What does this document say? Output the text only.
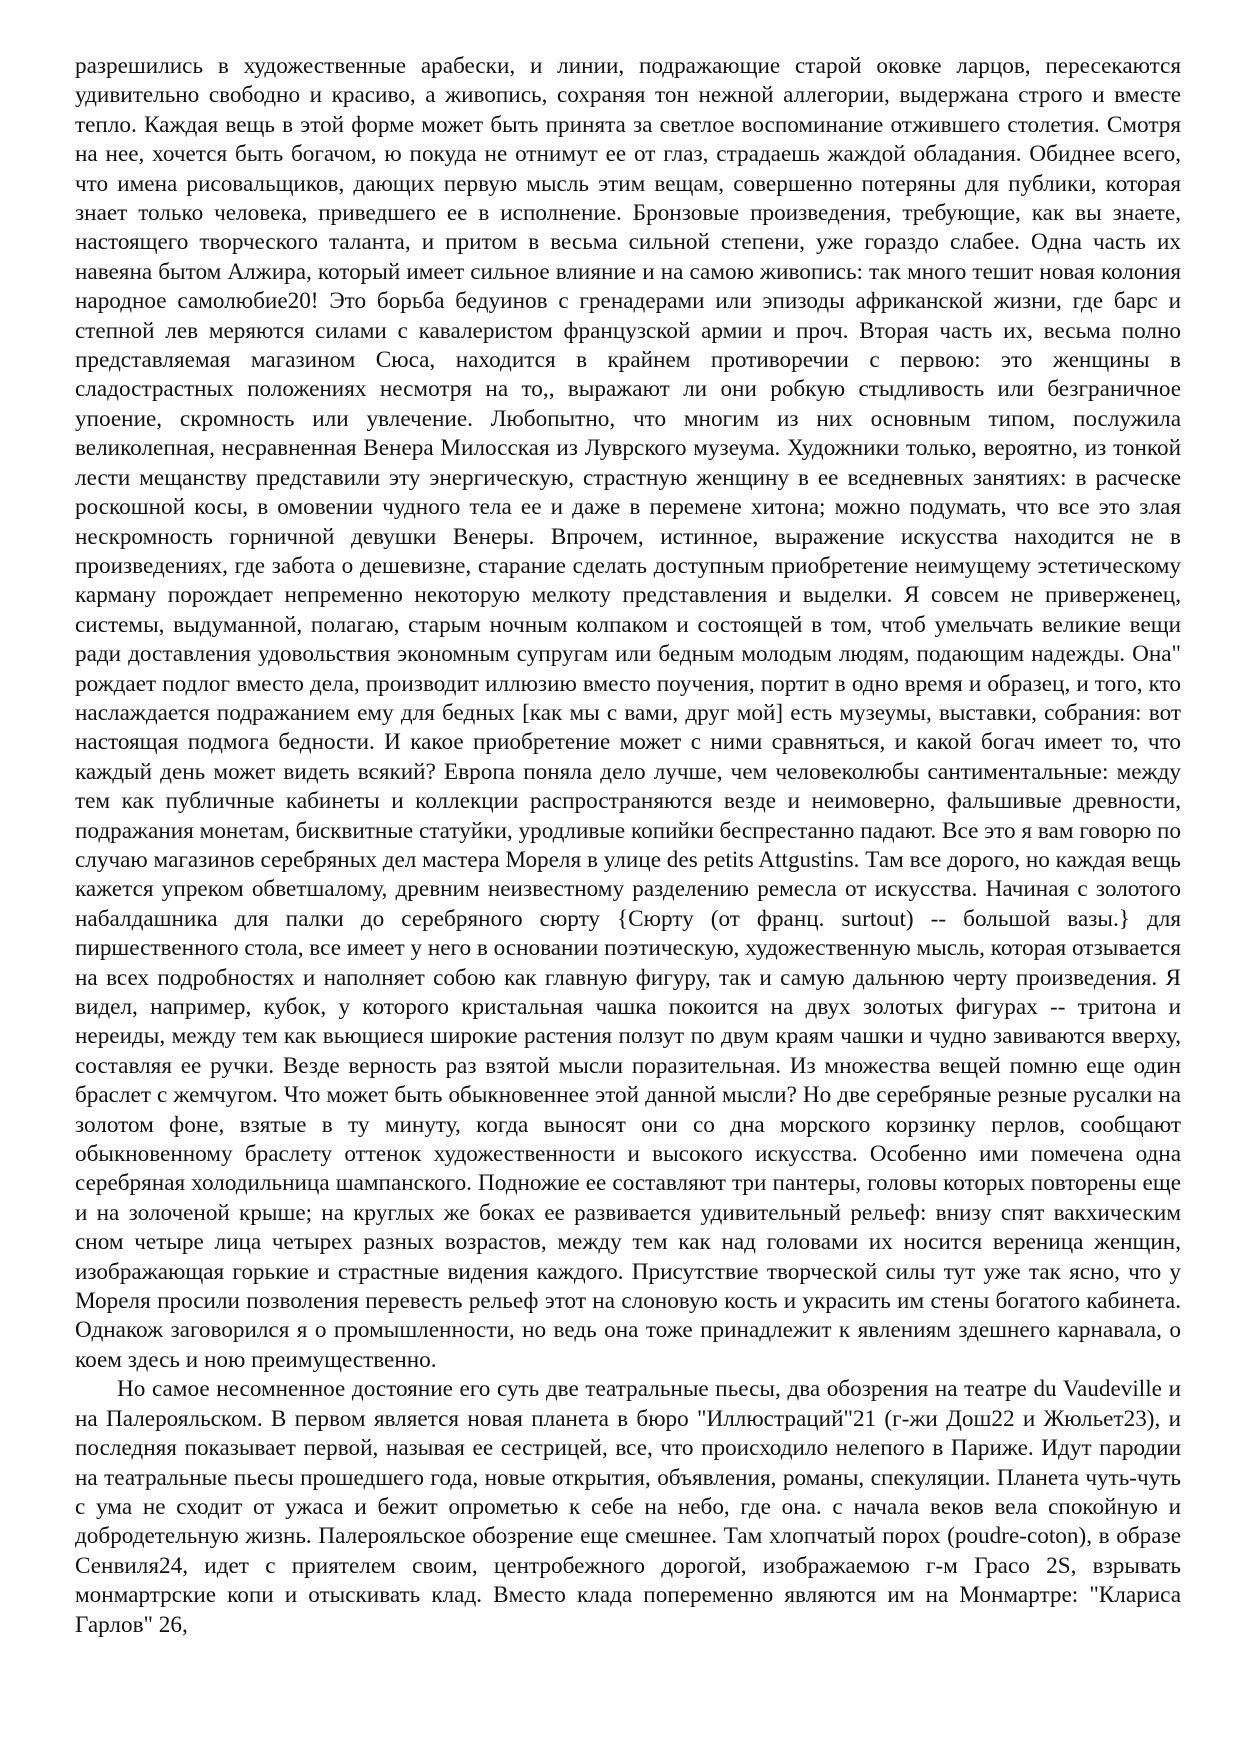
разрешились в художественные арабески, и линии, подражающие старой оковке ларцов, пересекаются удивительно свободно и красиво, а живопись, сохраняя тон нежной аллегории, выдержана строго и вместе тепло. Каждая вещь в этой форме может быть принята за светлое воспоминание отжившего столетия. Смотря на нее, хочется быть богачом, ю покуда не отнимут ее от глаз, страдаешь жаждой обладания. Обиднее всего, что имена рисовальщиков, дающих первую мысль этим вещам, совершенно потеряны для публики, которая знает только человека, приведшего ее в исполнение. Бронзовые произведения, требующие, как вы знаете, настоящего творческого таланта, и притом в весьма сильной степени, уже гораздо слабее. Одна часть их навеяна бытом Алжира, который имеет сильное влияние и на самою живопись: так много тешит новая колония народное самолюбие20! Это борьба бедуинов с гренадерами или эпизоды африканской жизни, где барс и степной лев меряются силами с кавалеристом французской армии и проч. Вторая часть их, весьма полно представляемая магазином Сюса, находится в крайнем противоречии с первою: это женщины в сладострастных положениях несмотря на то,, выражают ли они робкую стыдливость или безграничное упоение, скромность или увлечение. Любопытно, что многим из них основным типом, послужила великолепная, несравненная Венера Милосская из Луврского музеума. Художники только, вероятно, из тонкой лести мещанству представили эту энергическую, страстную женщину в ее вседневных занятиях: в расческе роскошной косы, в омовении чудного тела ее и даже в перемене хитона; можно подумать, что все это злая нескромность горничной девушки Венеры. Впрочем, истинное, выражение искусства находится не в произведениях, где забота о дешевизне, старание сделать доступным приобретение неимущему эстетическому карману порождает непременно некоторую мелкоту представления и выделки. Я совсем не приверженец, системы, выдуманной, полагаю, старым ночным колпаком и состоящей в том, чтоб умельчать великие вещи ради доставления удовольствия экономным супругам или бедным молодым людям, подающим надежды. Она" рождает подлог вместо дела, производит иллюзию вместо поучения, портит в одно время и образец, и того, кто наслаждается подражанием ему для бедных [как мы с вами, друг мой] есть музеумы, выставки, собрания: вот настоящая подмога бедности. И какое приобретение может с ними сравняться, и какой богач имеет то, что каждый день может видеть всякий? Европа поняла дело лучше, чем человеколюбы сантиментальные: между тем как публичные кабинеты и коллекции распространяются везде и неимоверно, фальшивые древности, подражания монетам, бисквитные статуйки, уродливые копийки беспрестанно падают. Все это я вам говорю по случаю магазинов серебряных дел мастера Мореля в улице des petits Attgustins. Там все дорого, но каждая вещь кажется упреком обветшалому, древним неизвестному разделению ремесла от искусства. Начиная с золотого набалдашника для палки до серебряного сюрту {Сюрту (от франц. surtout) -- большой вазы.} для пиршественного стола, все имеет у него в основании поэтическую, художественную мысль, которая отзывается на всех подробностях и наполняет собою как главную фигуру, так и самую дальнюю черту произведения. Я видел, например, кубок, у которого кристальная чашка покоится на двух золотых фигурах -- тритона и нереиды, между тем как вьющиеся широкие растения ползут по двум краям чашки и чудно завиваются вверху, составляя ее ручки. Везде верность раз взятой мысли поразительная. Из множества вещей помню еще один браслет с жемчугом. Что может быть обыкновеннее этой данной мысли? Но две серебряные резные русалки на золотом фоне, взятые в ту минуту, когда выносят они со дна морского корзинку перлов, сообщают обыкновенному браслету оттенок художественности и высокого искусства. Особенно ими помечена одна серебряная холодильница шампанского. Подножие ее составляют три пантеры, головы которых повторены еще и на золоченой крыше; на круглых же боках ее развивается удивительный рельеф: внизу спят вакхическим сном четыре лица четырех разных возрастов, между тем как над головами их носится вереница женщин, изображающая горькие и страстные видения каждого. Присутствие творческой силы тут уже так ясно, что у Мореля просили позволения перевесть рельеф этот на слоновую кость и украсить им стены богатого кабинета. Однакож заговорился я о промышленности, но ведь она тоже принадлежит к явлениям здешнего карнавала, о коем здесь и ною преимущественно.

Но самое несомненное достояние его суть две театральные пьесы, два обозрения на театре du Vaudeville и на Палерояльском. В первом является новая планета в бюро "Иллюстраций"21 (г-жи Дош22 и Жюльет23), и последняя показывает первой, называя ее сестрицей, все, что происходило нелепого в Париже. Идут пародии на театральные пьесы прошедшего года, новые открытия, объявления, романы, спекуляции. Планета чуть-чуть с ума не сходит от ужаса и бежит опрометью к себе на небо, где она. с начала веков вела спокойную и добродетельную жизнь. Палерояльское обозрение еще смешнее. Там хлопчатый порох (poudre-coton), в образе Сенвиля24, идет с приятелем своим, центробежного дорогой, изображаемою г-м Грасо 2S, взрывать монмартрские копи и отыскивать клад. Вместо клада попеременно являются им на Монмартре: "Клариса Гарлов" 26,
